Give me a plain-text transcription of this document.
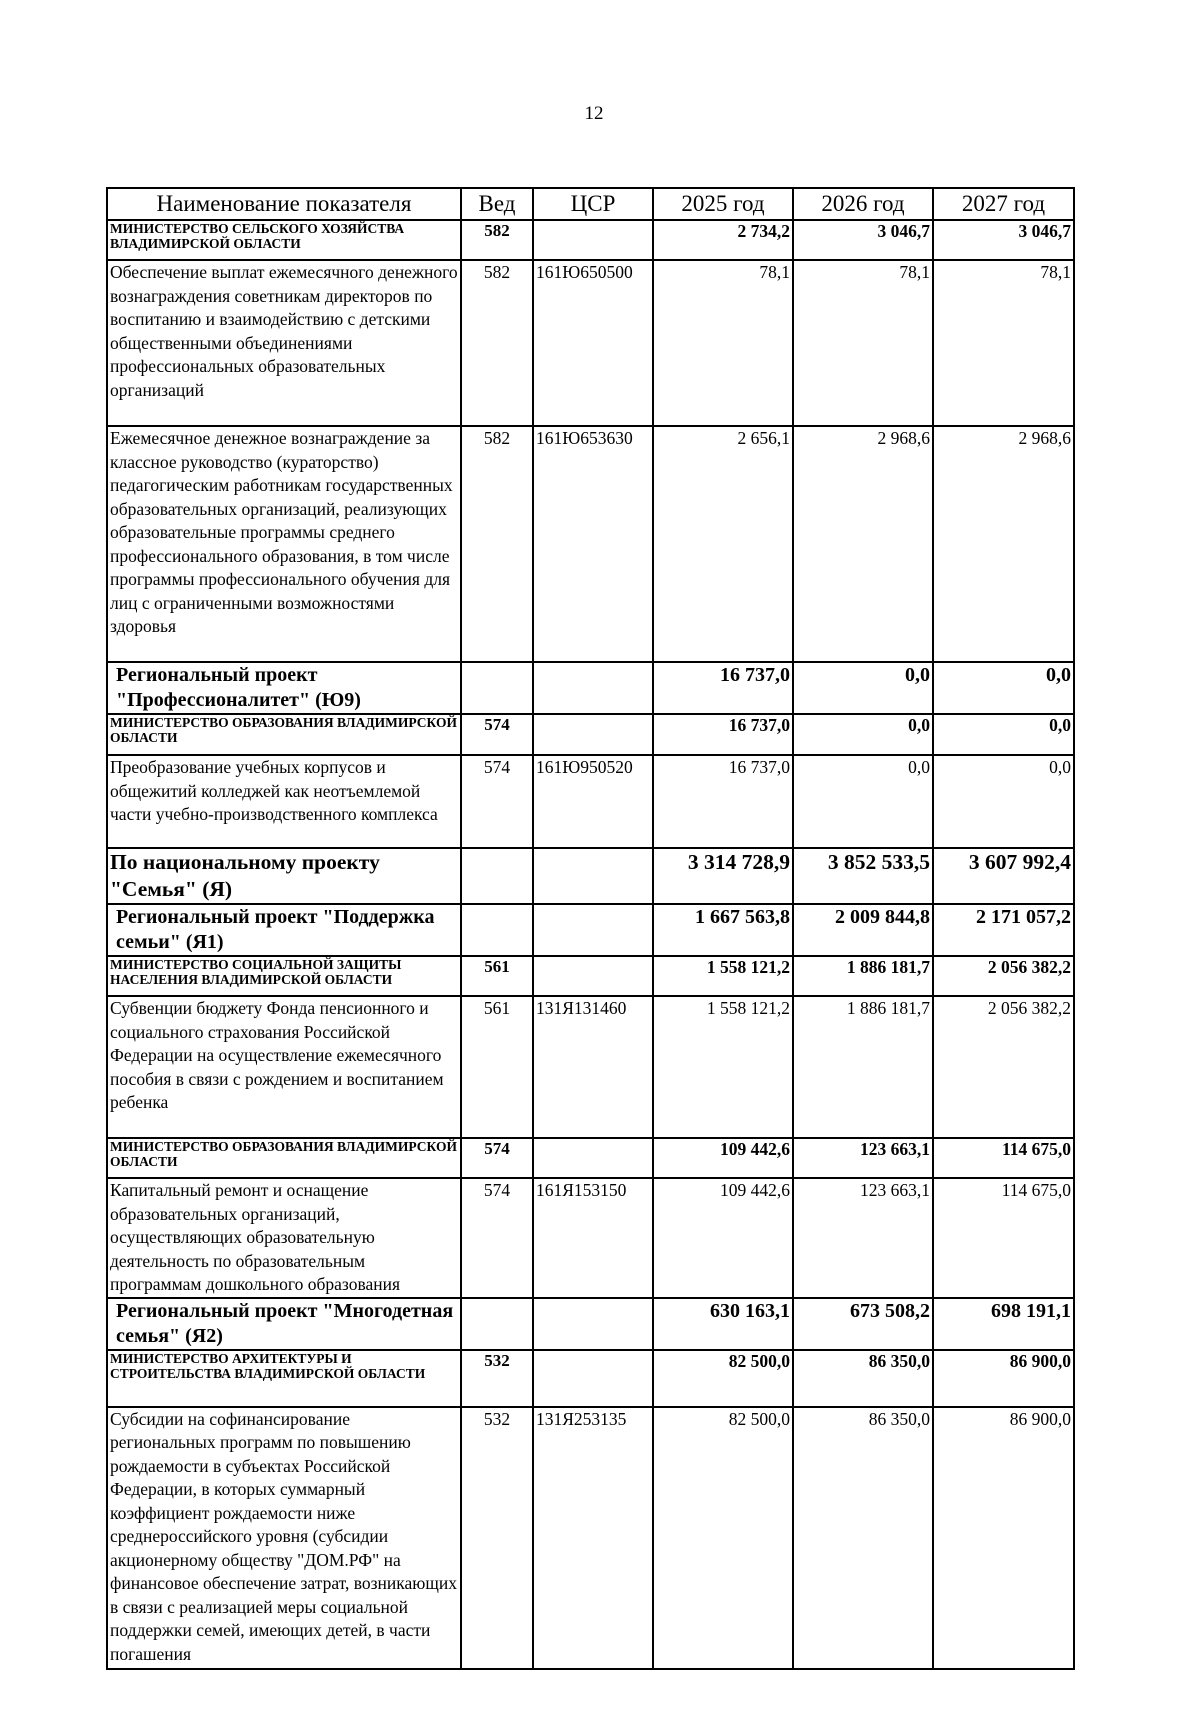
12
Наименование показателя	Вед	ЦСР	2025 год	2026 год	2027 год
МИНИСТЕРСТВО СЕЛЬСКОГО ХОЗЯЙСТВА ВЛАДИМИРСКОЙ ОБЛАСТИ	582		2 734,2	3 046,7	3 046,7
Обеспечение выплат ежемесячного денежного вознаграждения советникам директоров по воспитанию и взаимодействию с детскими общественными объединениями профессиональных образовательных организаций	582	161Ю650500	78,1	78,1	78,1
Ежемесячное денежное вознаграждение за классное руководство (кураторство) педагогическим работникам государственных образовательных организаций, реализующих образовательные программы среднего профессионального образования, в том числе программы профессионального обучения для лиц с ограниченными возможностями здоровья	582	161Ю653630	2 656,1	2 968,6	2 968,6
Региональный проект "Профессионалитет" (Ю9)			16 737,0	0,0	0,0
МИНИСТЕРСТВО ОБРАЗОВАНИЯ ВЛАДИМИРСКОЙ ОБЛАСТИ	574		16 737,0	0,0	0,0
Преобразование учебных корпусов и общежитий колледжей как неотъемлемой части учебно-производственного комплекса	574	161Ю950520	16 737,0	0,0	0,0
По национальному проекту "Семья" (Я)			3 314 728,9	3 852 533,5	3 607 992,4
Региональный проект "Поддержка семьи" (Я1)			1 667 563,8	2 009 844,8	2 171 057,2
МИНИСТЕРСТВО СОЦИАЛЬНОЙ ЗАЩИТЫ НАСЕЛЕНИЯ ВЛАДИМИРСКОЙ ОБЛАСТИ	561		1 558 121,2	1 886 181,7	2 056 382,2
Субвенции бюджету Фонда пенсионного и социального страхования Российской Федерации на осуществление ежемесячного пособия в связи с рождением и воспитанием ребенка	561	131Я131460	1 558 121,2	1 886 181,7	2 056 382,2
МИНИСТЕРСТВО ОБРАЗОВАНИЯ ВЛАДИМИРСКОЙ ОБЛАСТИ	574		109 442,6	123 663,1	114 675,0
Капитальный ремонт и оснащение образовательных организаций, осуществляющих образовательную деятельность по образовательным программам дошкольного образования	574	161Я153150	109 442,6	123 663,1	114 675,0
Региональный проект "Многодетная семья" (Я2)			630 163,1	673 508,2	698 191,1
МИНИСТЕРСТВО АРХИТЕКТУРЫ И СТРОИТЕЛЬСТВА ВЛАДИМИРСКОЙ ОБЛАСТИ	532		82 500,0	86 350,0	86 900,0
Субсидии на софинансирование региональных программ по повышению рождаемости в субъектах Российской Федерации, в которых суммарный коэффициент рождаемости ниже среднероссийского уровня (субсидии акционерному обществу "ДОМ.РФ" на финансовое обеспечение затрат, возникающих в связи с реализацией меры социальной поддержки семей, имеющих детей, в части погашения	532	131Я253135	82 500,0	86 350,0	86 900,0
